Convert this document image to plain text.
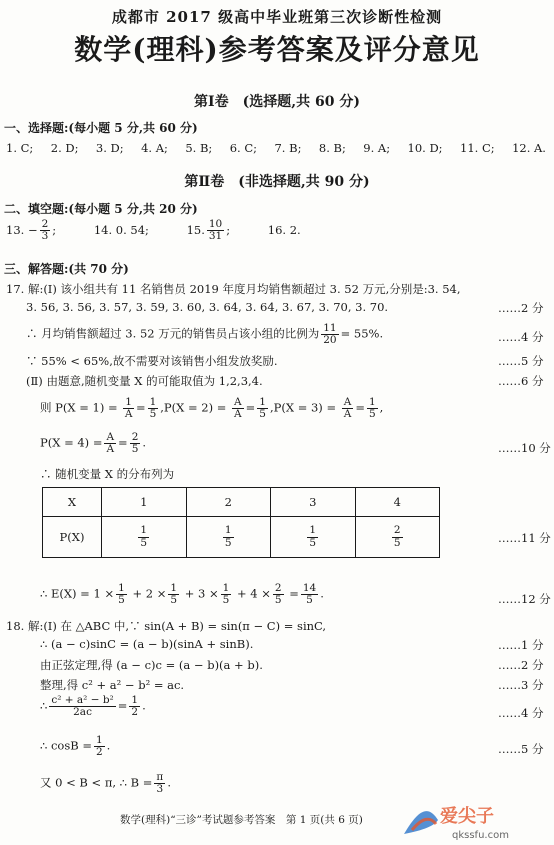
成都市 2017 级高中毕业班第三次诊断性检测
数学(理科)参考答案及评分意见
第Ⅰ卷　(选择题,共 60 分)
一、选择题:(每小题 5 分,共 60 分)
1. C; 2. D; 3. D; 4. A; 5. B; 6. C; 7. B; 8. B; 9. A; 10. D; 11. C; 12. A.
第Ⅱ卷　(非选择题,共 90 分)
二、填空题:(每小题 5 分,共 20 分)
13. − $\frac{2}{3}$ ;	14. 0. 54;	15. $\frac{10}{31}$ ;	16. 2.
三、解答题:(共 70 分)
17. 解:(Ⅰ) 该小组共有 11 名销售员 2019 年度月均销售额超过 3. 52 万元,分别是:3. 54,
3. 56, 3. 56, 3. 57, 3. 59, 3. 60, 3. 64, 3. 64, 3. 67, 3. 70, 3. 70.	……2 分
∴ 月均销售额超过 3. 52 万元的销售员占该小组的比例为 $\frac{11}{20} = 55\%$.	……4 分
∵ 55% < 65%,故不需要对该销售小组发放奖励.	……5 分
(Ⅱ) 由题意,随机变量 X 的可能取值为 1,2,3,4.	……6 分
则 $P(X = 1) = \frac{1}{A} = \frac{1}{5} ,P(X = 2) = \frac{A}{A} = \frac{1}{5} ,P(X = 3) = \frac{A}{A} = \frac{1}{5}$ ,
$P(X = 4) = \frac{A}{A} = \frac{2}{5}$ .	……10 分
∴ 随机变量 X 的分布列为
X	1	2	3	4
P(X)	$\frac{1}{5}$	$\frac{1}{5}$	$\frac{1}{5}$	$\frac{2}{5}$	……11 分
∴ $E(X) = 1 \times \frac{1}{5} + 2 \times \frac{1}{5} + 3 \times \frac{1}{5} + 4 \times \frac{2}{5} = \frac{14}{5}$ .	……12 分
18. 解:(Ⅰ) 在 △ABC 中,∵ sin(A + B) = sin(π − C) = sinC,
∴ (a − c)sinC = (a − b)(sinA + sinB).	……1 分
由正弦定理,得 (a − c)c = (a − b)(a + b).	……2 分
整理,得 c² + a² − b² = ac.	……3 分
∴ $\frac{\text{c² + a² − b²}}{2ac} = \frac{1}{2}$ .
……4 分
∴ $\cos B = \frac{1}{2}$ .	……5 分
又 0 < B < π, ∴ $B = \frac{\pi}{3}$ .
数学(理科)“三诊”考试题参考答案　第 1 页(共 6 页)	爱尖子
qkssfu.com
